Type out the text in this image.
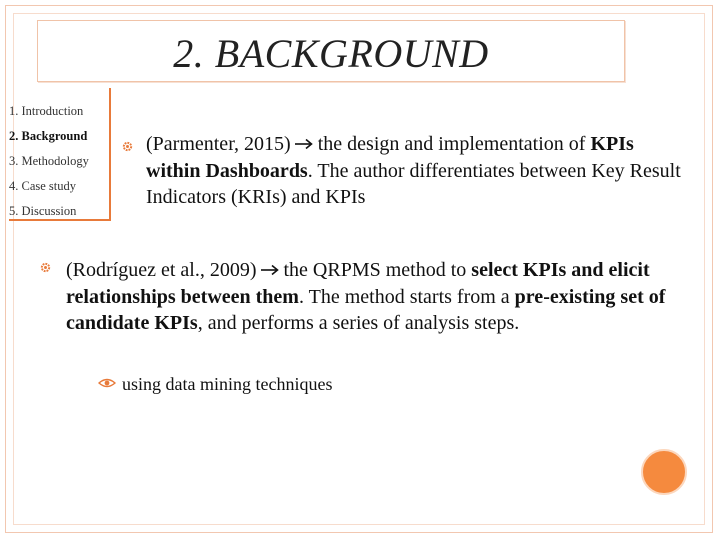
2. BACKGROUND
1. Introduction
2. Background
3. Methodology
4. Case study
5. Discussion
(Parmenter, 2015) the design and implementation of KPIs within Dashboards. The author differentiates between Key Result Indicators (KRIs) and KPIs
(Rodríguez et al., 2009) the QRPMS method to select KPIs and elicit relationships between them. The method starts from a pre-existing set of candidate KPIs, and performs a series of analysis steps.
using data mining techniques
